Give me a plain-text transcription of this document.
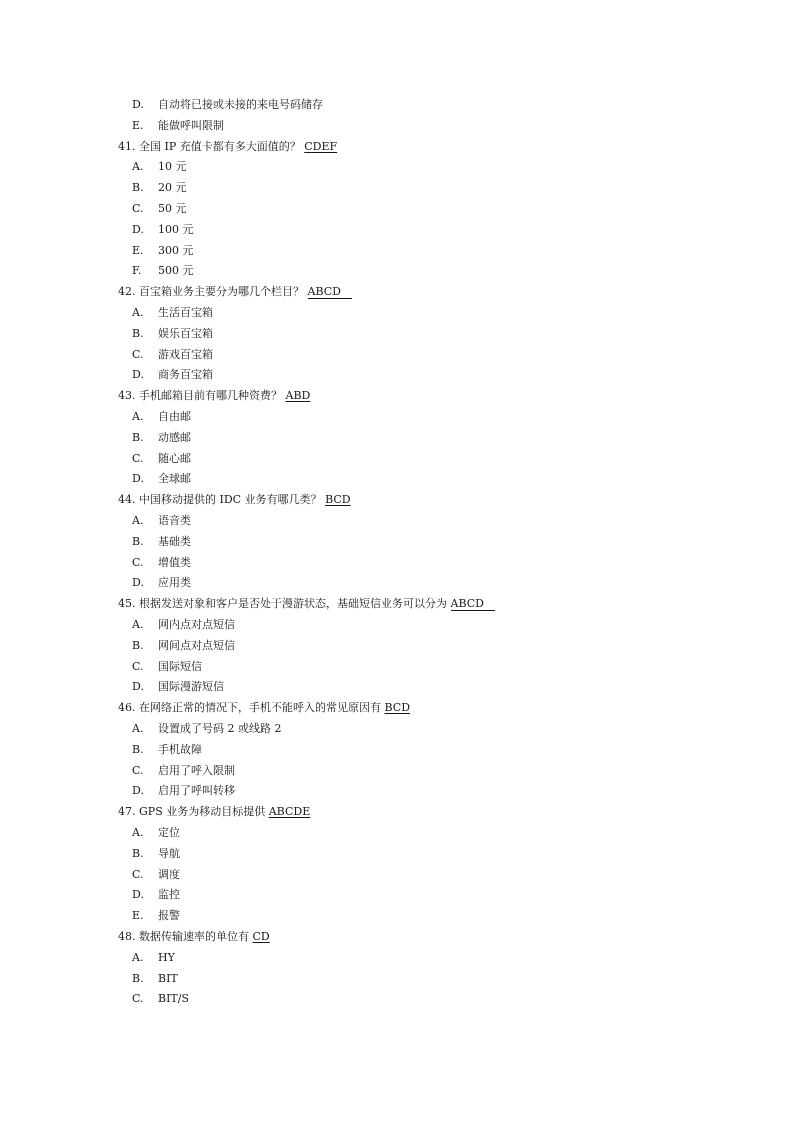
D. 自动将已接或未接的来电号码储存
E. 能做呼叫限制
41. 全国 IP 充值卡都有多大面值的？ CDEF
A. 10 元
B. 20 元
C. 50 元
D. 100 元
E. 300 元
F. 500 元
42. 百宝箱业务主要分为哪几个栏目？ ABCD
A. 生活百宝箱
B. 娱乐百宝箱
C. 游戏百宝箱
D. 商务百宝箱
43. 手机邮箱目前有哪几种资费？ ABD
A. 自由邮
B. 动感邮
C. 随心邮
D. 全球邮
44. 中国移动提供的 IDC 业务有哪几类？ BCD
A. 语音类
B. 基础类
C. 增值类
D. 应用类
45. 根据发送对象和客户是否处于漫游状态，基础短信业务可以分为 ABCD
A. 网内点对点短信
B. 网间点对点短信
C. 国际短信
D. 国际漫游短信
46. 在网络正常的情况下，手机不能呼入的常见原因有 BCD
A. 设置成了号码 2 或线路 2
B. 手机故障
C. 启用了呼入限制
D. 启用了呼叫转移
47. GPS 业务为移动目标提供 ABCDE
A. 定位
B. 导航
C. 调度
D. 监控
E. 报警
48. 数据传输速率的单位有 CD
A. HY
B. BIT
C. BIT/S
